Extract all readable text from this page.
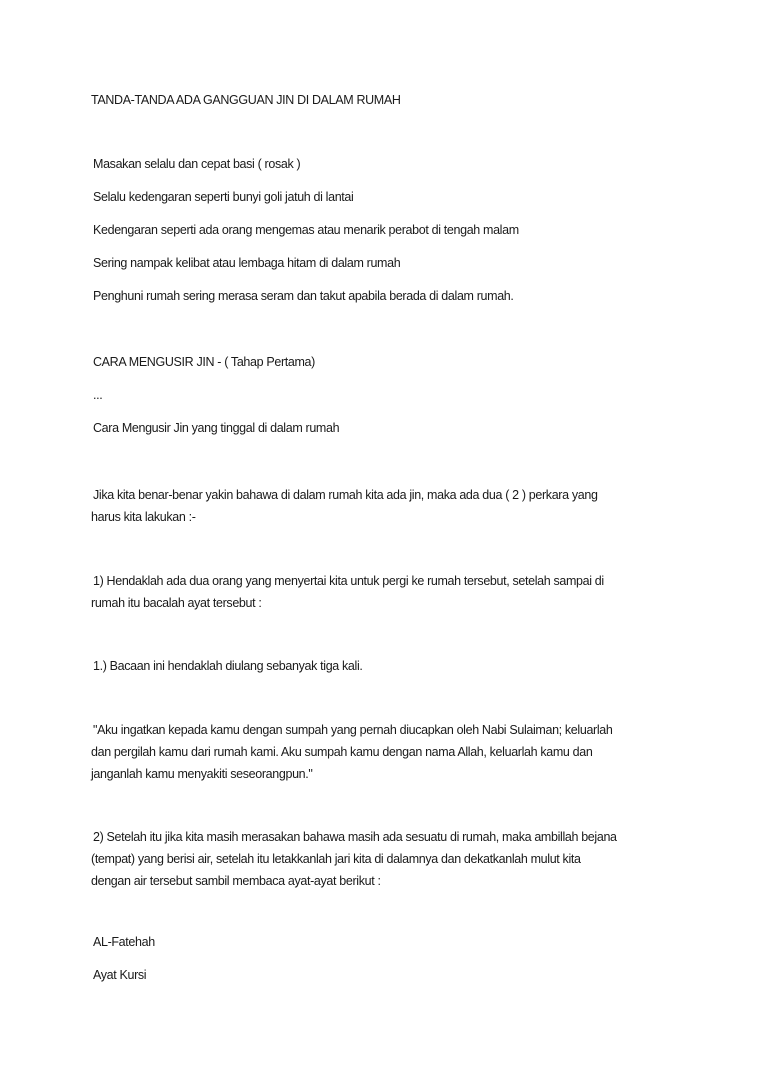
TANDA-TANDA ADA GANGGUAN JIN DI DALAM RUMAH

Masakan selalu dan cepat basi ( rosak )

Selalu kedengaran seperti bunyi goli jatuh di lantai

Kedengaran seperti ada orang mengemas atau menarik perabot di tengah malam

Sering nampak kelibat atau lembaga hitam di dalam rumah

Penghuni rumah sering merasa seram dan takut apabila berada di dalam rumah.

CARA MENGUSIR JIN - ( Tahap Pertama)

...

Cara Mengusir Jin yang tinggal di dalam rumah

Jika kita benar-benar yakin bahawa di dalam rumah kita ada jin, maka ada dua ( 2 ) perkara yang
harus kita lakukan :-
1) Hendaklah ada dua orang yang menyertai kita untuk pergi ke rumah tersebut, setelah sampai di
rumah itu bacalah ayat tersebut :

1.) Bacaan ini hendaklah diulang sebanyak tiga kali.

"Aku ingatkan kepada kamu dengan sumpah yang pernah diucapkan oleh Nabi Sulaiman; keluarlah
dan pergilah kamu dari rumah kami. Aku sumpah kamu dengan nama Allah, keluarlah kamu dan
janganlah kamu menyakiti seseorangpun."
2) Setelah itu jika kita masih merasakan bahawa masih ada sesuatu di rumah, maka ambillah bejana
(tempat) yang berisi air, setelah itu letakkanlah jari kita di dalamnya dan dekatkanlah mulut kita
dengan air tersebut sambil membaca ayat-ayat berikut :

AL-Fatehah

Ayat Kursi
